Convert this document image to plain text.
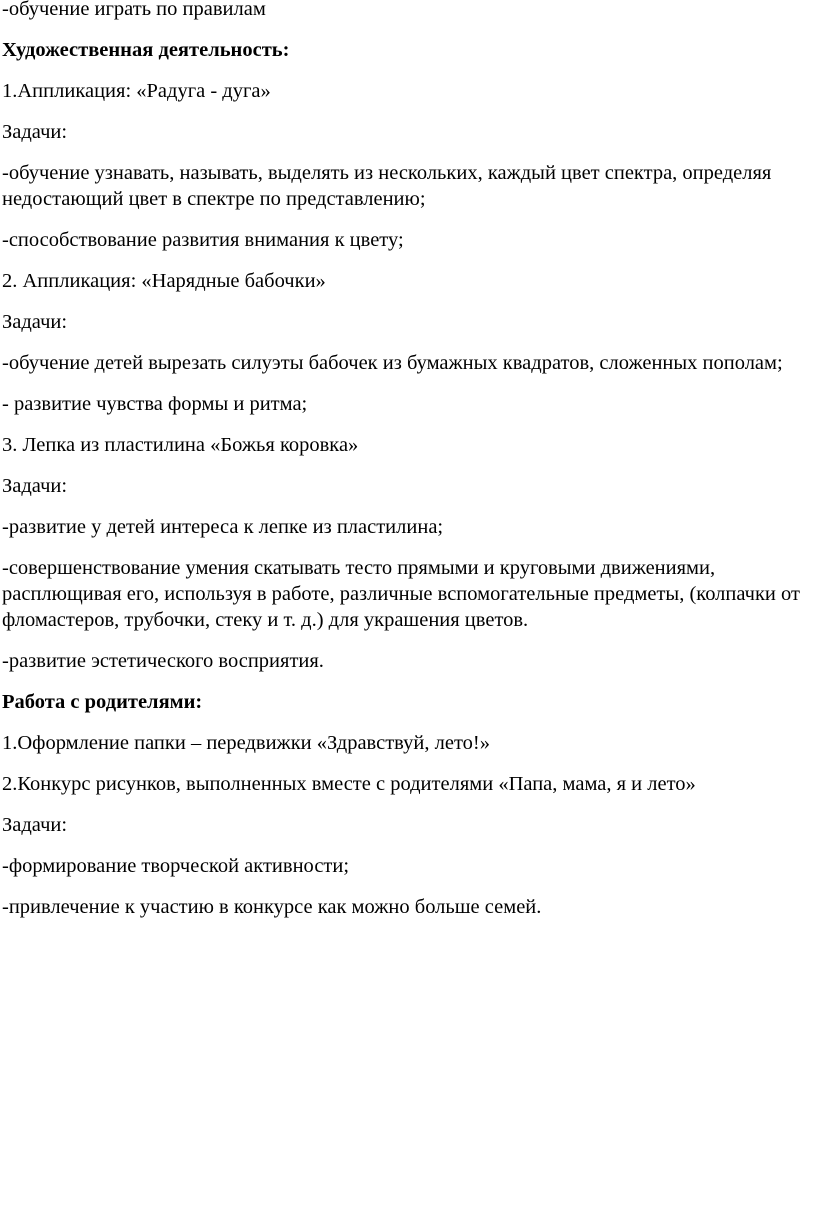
-обучение играть по правилам

Художественная деятельность:

1.Аппликация: «Радуга - дуга»

Задачи:

-обучение узнавать, называть, выделять из нескольких, каждый цвет спектра, определяя недостающий цвет в спектре по представлению;

-способствование развития внимания к цвету;

2. Аппликация: «Нарядные бабочки»

Задачи:

-обучение детей вырезать силуэты бабочек из бумажных квадратов, сложенных пополам;

- развитие чувства формы и ритма;

3. Лепка из пластилина «Божья коровка»

Задачи:

-развитие у детей интереса к лепке из пластилина;

-совершенствование умения скатывать тесто прямыми и круговыми движениями, расплющивая его, используя в работе, различные вспомогательные предметы, (колпачки от фломастеров, трубочки, стеку и т. д.) для украшения цветов.

-развитие эстетического восприятия.

Работа с родителями:

1.Оформление папки – передвижки «Здравствуй, лето!»

2.Конкурс рисунков, выполненных вместе с родителями «Папа, мама, я и лето»

Задачи:

-формирование творческой активности;

-привлечение к участию в конкурсе как можно больше семей.
